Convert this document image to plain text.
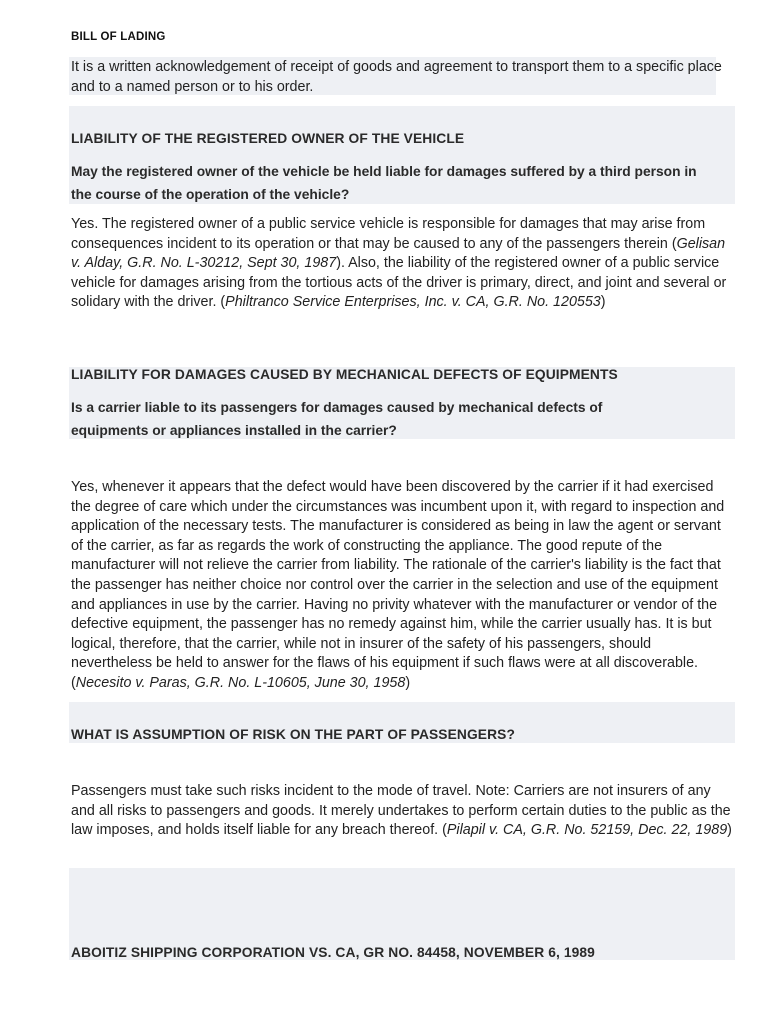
BILL OF LADING
It is a written acknowledgement of receipt of goods and agreement to transport them to a specific place and to a named person or to his order.
LIABILITY OF THE REGISTERED OWNER OF THE VEHICLE
May the registered owner of the vehicle be held liable for damages suffered by a third person in the course of the operation of the vehicle?
Yes. The registered owner of a public service vehicle is responsible for damages that may arise from consequences incident to its operation or that may be caused to any of the passengers therein (Gelisan v. Alday, G.R. No. L-30212, Sept 30, 1987). Also, the liability of the registered owner of a public service vehicle for damages arising from the tortious acts of the driver is primary, direct, and joint and several or solidary with the driver. (Philtranco Service Enterprises, Inc. v. CA, G.R. No. 120553)
LIABILITY FOR DAMAGES CAUSED BY MECHANICAL DEFECTS OF EQUIPMENTS
Is a carrier liable to its passengers for damages caused by mechanical defects of equipments or appliances installed in the carrier?
Yes, whenever it appears that the defect would have been discovered by the carrier if it had exercised the degree of care which under the circumstances was incumbent upon it, with regard to inspection and application of the necessary tests. The manufacturer is considered as being in law the agent or servant of the carrier, as far as regards the work of constructing the appliance. The good repute of the manufacturer will not relieve the carrier from liability. The rationale of the carrier's liability is the fact that the passenger has neither choice nor control over the carrier in the selection and use of the equipment and appliances in use by the carrier. Having no privity whatever with the manufacturer or vendor of the defective equipment, the passenger has no remedy against him, while the carrier usually has. It is but logical, therefore, that the carrier, while not in insurer of the safety of his passengers, should nevertheless be held to answer for the flaws of his equipment if such flaws were at all discoverable. (Necesito v. Paras, G.R. No. L-10605, June 30, 1958)
WHAT IS ASSUMPTION OF RISK ON THE PART OF PASSENGERS?
Passengers must take such risks incident to the mode of travel. Note: Carriers are not insurers of any and all risks to passengers and goods. It merely undertakes to perform certain duties to the public as the law imposes, and holds itself liable for any breach thereof. (Pilapil v. CA, G.R. No. 52159, Dec. 22, 1989)
ABOITIZ SHIPPING CORPORATION VS. CA, GR NO. 84458, NOVEMBER 6, 1989
